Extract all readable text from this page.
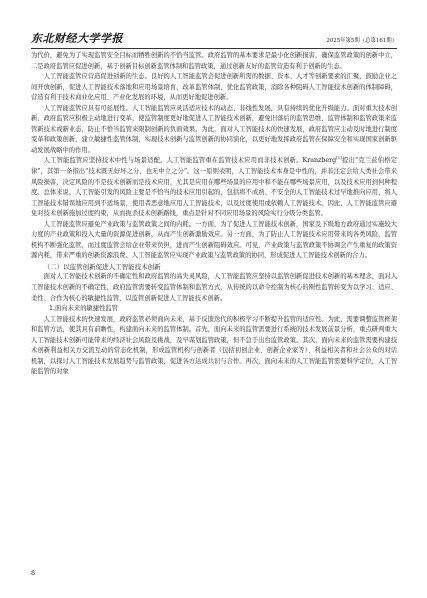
东北财经大学学报	2025年第5期（总第161期）

为代价，避免为了实现监管安全目标而牺牲创新的不恰当监管。政府监管的基本要求是最小化创新损害，确保监管政策的创新中立，二是政府监管应促进创新，基于创新目标创新监管体制和监管政策，通过创新友好的监管营造有利于创新的生态。

人工智能监管应营造促进创新的生态。良好的人工智能监管会促进创新所需的数据、资本、人才等创新要素的汇聚，鼓励企业之间开放创新，促进人工智能技术落地和应用场景培育，改革监管体制，优化监管政策，消除各种阻碍人工智能技术创新的体制障碍，营造有利于技术商业化应用、产业化发展的环境，从而更好地促进创新。

人工智能监管应具有可延展性。人工智能监管应灵活适应技术的动态、非线性发展，具有持续的优化升级能力。面对重大技术创新，政府监管应积极主动地进行变革，使监管制度更好地促进人工智能技术创新，避免旧落后的监管思维、监管体制和监管政策来监管新技术或新业态，防止不恰当监管来限制创新的负面效果。为此，面对人工智能技术的快速发展，政府监管应主动及时地进行制度变革和政策创新，建立敏捷性监管体制，实现技术创新与监管创新的协同演化，以更好地发挥政府监管在保障安全和实现国家创新驱动发展战略中的作用。

人工智能监管应坚持技术中性与场景适配。人工智能监管重在监管技术应用而非技术创新。Kranzberg[1]提出“克兰兹伯格定律”，其第一条指出“技术既无好坏之分，也无中立之分”。这一原则表明，人工智能技术本身是中性的，并非注定会给人类社会带来风险损害，决定风险的不是技术创新而是技术应用，尤其是应用在哪些场景的应用中和不能在哪些场景应用，以及技术应用到何种程度。总体来说，人工智能引发的风险主要是不恰当的技术应用引起的，包括将不成熟、不安全的人工智能技术过早地推向应用，将人工智能技术错误地应用到不适场景，使用者恶意地应用人工智能技术，以及过度使用或依赖人工智能技术。因此，人工智能监管应避免对技术创新施加过度约束，从而扼杀技术创新路线，重点是针对不同应用场景的风险实行分级分类监管。

人工智能监管应避免产业政策与监管政策之间的内耗。一方面，为了促进人工智能技术创新，国家及下级地方政府通过实施较大力度的产业政策和投入大量的资源促进创新，从而产生创新激励效应。另一方面，为了防止人工智能技术应用带来的各类风险，监管机构不断强化监管，而过度监管会给企业带来负担，进而产生创新阻碍效应。可见，产业政策与监管政策不协调会产生重复的政策资源内耗，带来严重的创新资源浪费。人工智能监管应实现产业政策与监管政策的协同，形成促进人工智能技术创新的合力。

（二）以监管创新促进人工智能技术创新

面对人工智能技术创新的不确定性和政府监管的高失灵风险，人工智能监管应坚持以监管创新促进技术创新的基本理念，面对人工智能技术创新的不确定性，政府监管需要转变监管体制和监管方式，从传统的以命令控制为核心的刚性监管转变为以学习、适应、柔性、合作为核心的敏捷性监管，以监管创新促进人工智能技术创新。

1.面向未来的敏捷性监管

人工智能技术的快速发展，政府监管必须面向未来，基于反馈迭代的积极学习不断提升监管的适应性。为此，需要调整监管框架和监管方法，使其具有前瞻性，构建面向未来的监管体制。首先，面向未来的监管需要进行系统的技术发展前景分析，重点研判重大人工智能技术创新可能带来的经济社会风险及挑战，及早谋划监管政策，但不急于出台监管政策。其次，面向未来的监管需要构建技术创新利益相关方交流互动的常态化机制，形成监管机构与创新者（包括初创企业、创新企业家等）、利益相关者和社会公众的对话机制，以探讨人工智能技术发展趋势与监管政策，促进各方达成共识与合作。再次，面向未来的人工智能监管需要科学定位，人工智能监管的对象

8
